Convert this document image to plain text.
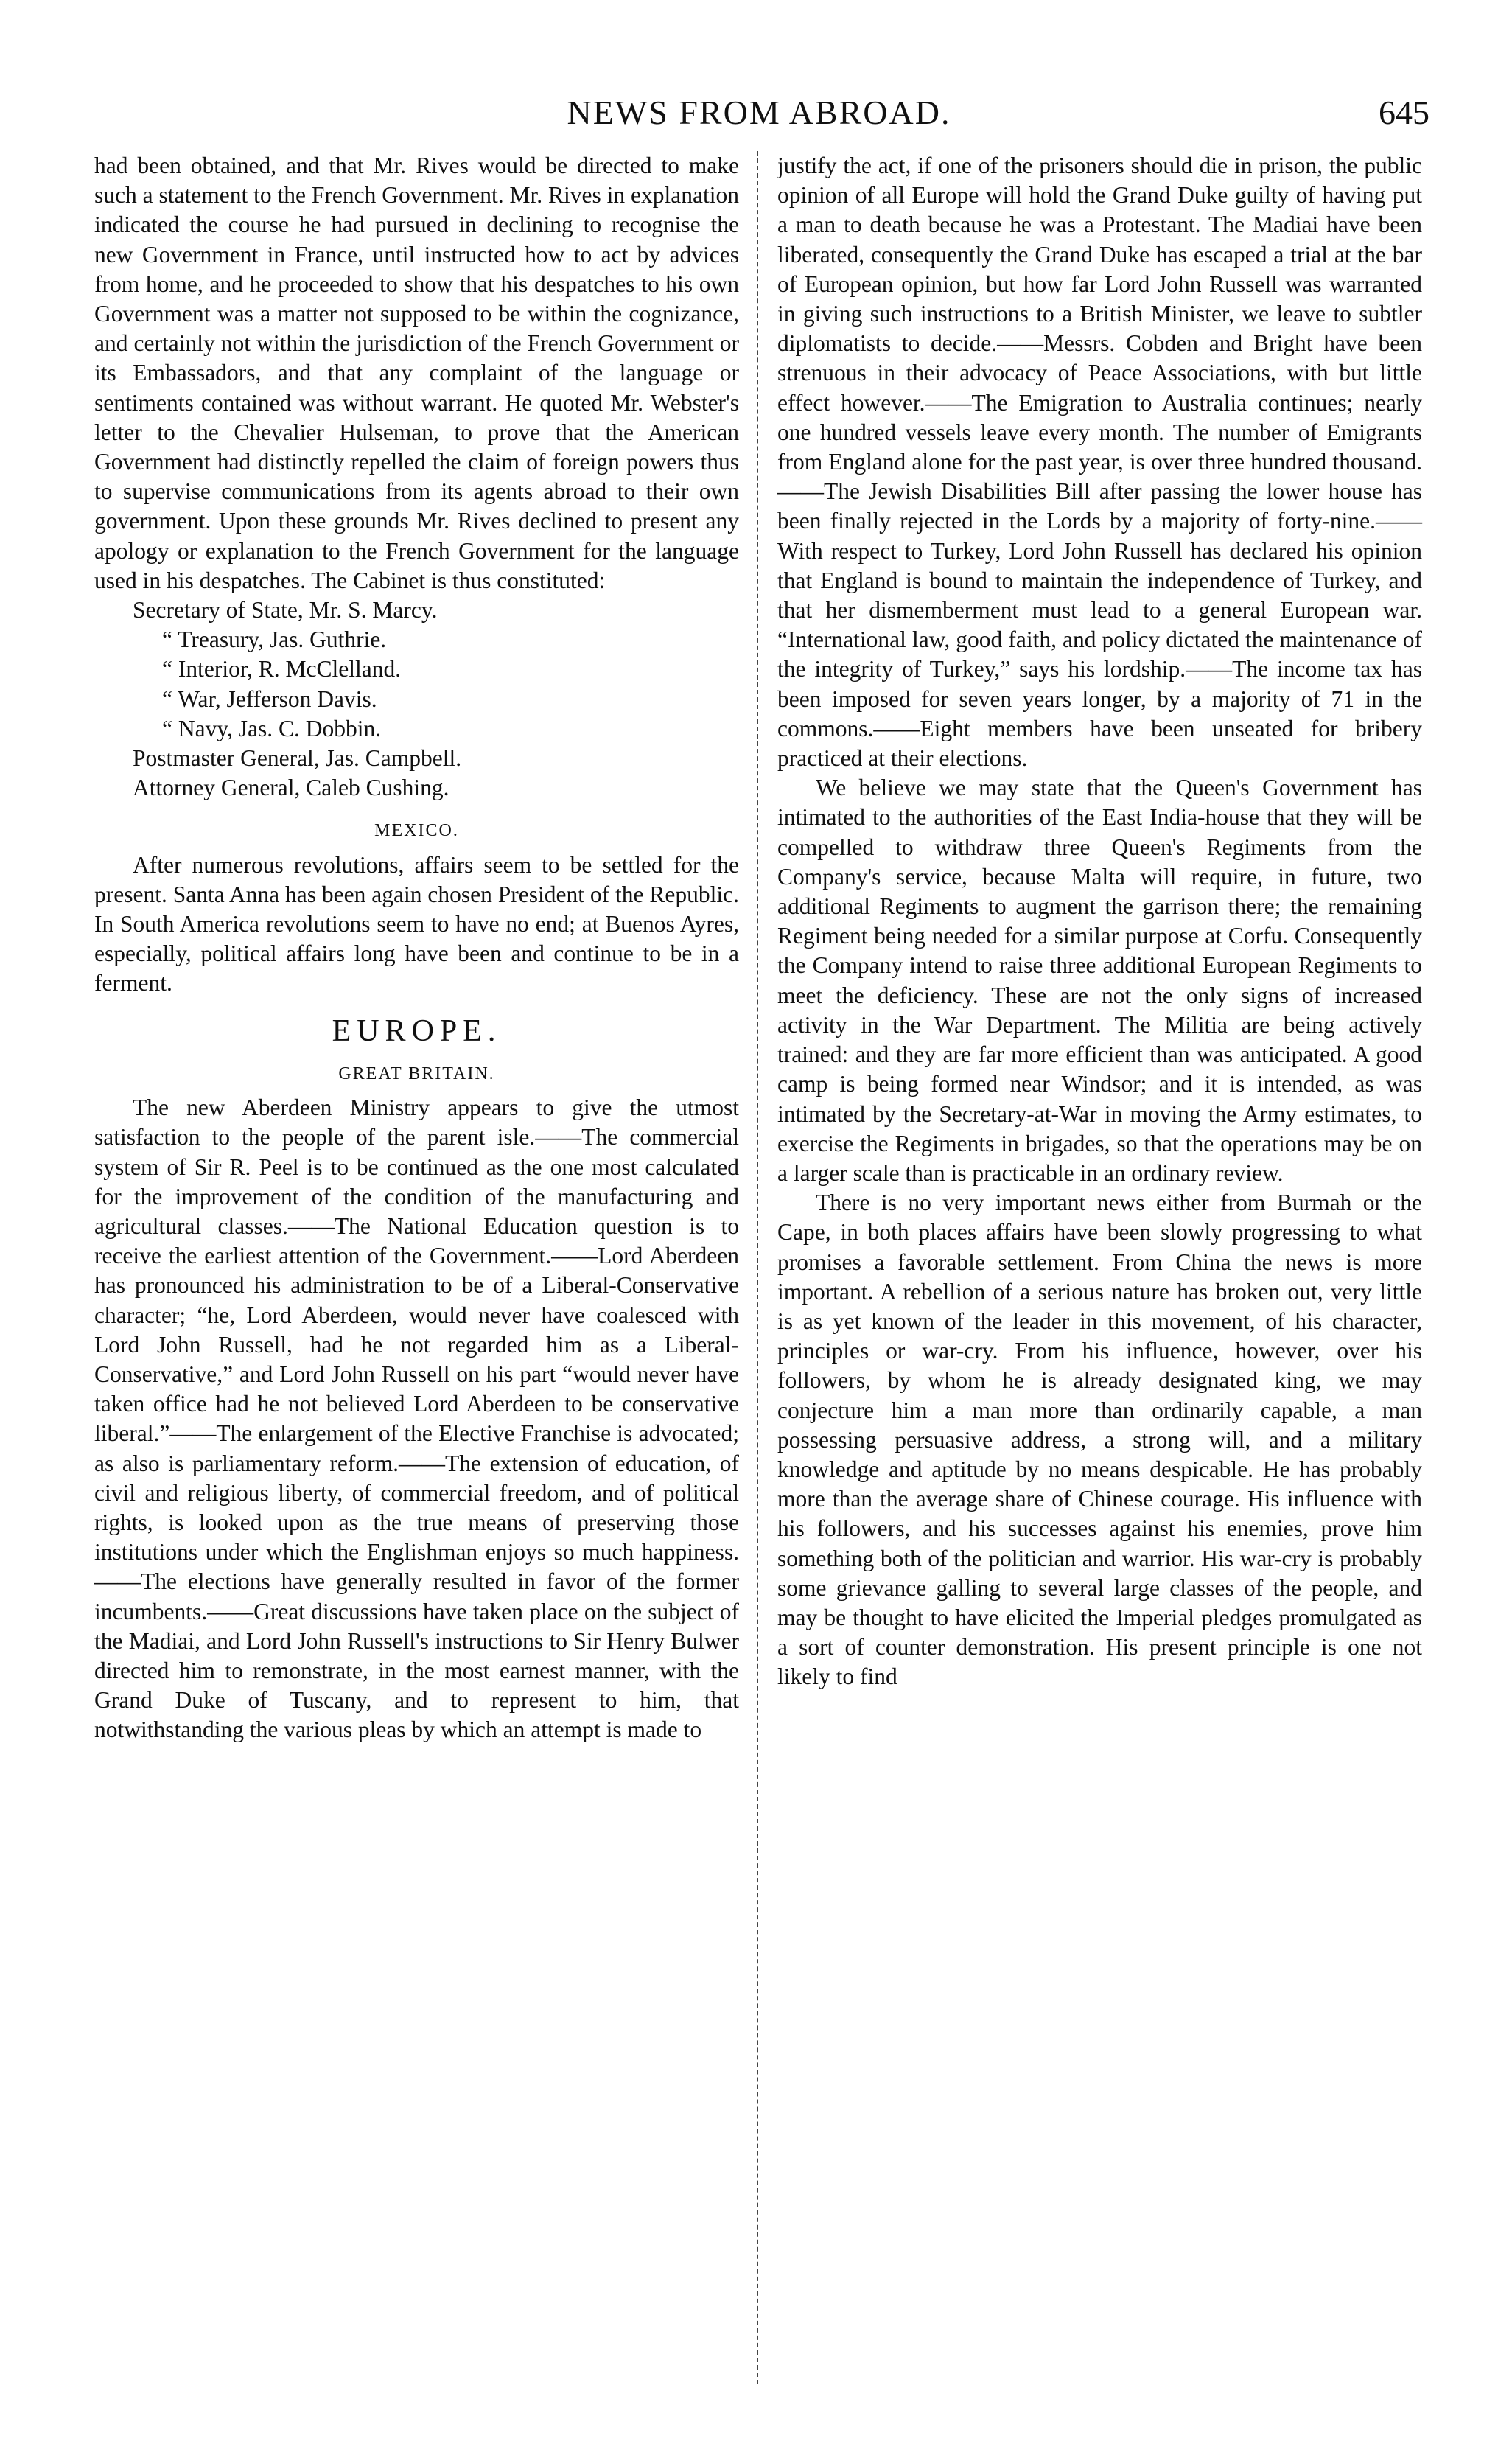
NEWS FROM ABROAD.	645

had been obtained, and that Mr. Rives would be directed to make such a statement to the French Government. Mr. Rives in explanation indicated the course he had pursued in declining to recognise the new Government in France, until instructed how to act by advices from home, and he proceeded to show that his despatches to his own Government was a matter not supposed to be within the cognizance, and certainly not within the jurisdiction of the French Government or its Embassadors, and that any complaint of the language or sentiments contained was without warrant. He quoted Mr. Webster's letter to the Chevalier Hulseman, to prove that the American Government had distinctly repelled the claim of foreign powers thus to supervise communications from its agents abroad to their own government. Upon these grounds Mr. Rives declined to present any apology or explanation to the French Government for the language used in his despatches. The Cabinet is thus constituted:

Secretary of State, Mr. S. Marcy.
“ Treasury, Jas. Guthrie.
“ Interior, R. McClelland.
“ War, Jefferson Davis.
“ Navy, Jas. C. Dobbin.
Postmaster General, Jas. Campbell.
Attorney General, Caleb Cushing.
MEXICO.

After numerous revolutions, affairs seem to be settled for the present. Santa Anna has been again chosen President of the Republic. In South America revolutions seem to have no end; at Buenos Ayres, especially, political affairs long have been and continue to be in a ferment.

EUROPE.
GREAT BRITAIN.

The new Aberdeen Ministry appears to give the utmost satisfaction to the people of the parent isle.——The commercial system of Sir R. Peel is to be continued as the one most calculated for the improvement of the condition of the manufacturing and agricultural classes.——The National Education question is to receive the earliest attention of the Government.——Lord Aberdeen has pronounced his administration to be of a Liberal-Conservative character; “he, Lord Aberdeen, would never have coalesced with Lord John Russell, had he not regarded him as a Liberal-Conservative,” and Lord John Russell on his part “would never have taken office had he not believed Lord Aberdeen to be conservative liberal.”——The enlargement of the Elective Franchise is advocated; as also is parliamentary reform.——The extension of education, of civil and religious liberty, of commercial freedom, and of political rights, is looked upon as the true means of preserving those institutions under which the Englishman enjoys so much happiness.——The elections have generally resulted in favor of the former incumbents.——Great discussions have taken place on the subject of the Madiai, and Lord John Russell's instructions to Sir Henry Bulwer directed him to remonstrate, in the most earnest manner, with the Grand Duke of Tuscany, and to represent to him, that notwithstanding the various pleas by which an attempt is made to

justify the act, if one of the prisoners should die in prison, the public opinion of all Europe will hold the Grand Duke guilty of having put a man to death because he was a Protestant. The Madiai have been liberated, consequently the Grand Duke has escaped a trial at the bar of European opinion, but how far Lord John Russell was warranted in giving such instructions to a British Minister, we leave to subtler diplomatists to decide.——Messrs. Cobden and Bright have been strenuous in their advocacy of Peace Associations, with but little effect however.——The Emigration to Australia continues; nearly one hundred vessels leave every month. The number of Emigrants from England alone for the past year, is over three hundred thousand.——The Jewish Disabilities Bill after passing the lower house has been finally rejected in the Lords by a majority of forty-nine.——With respect to Turkey, Lord John Russell has declared his opinion that England is bound to maintain the independence of Turkey, and that her dismemberment must lead to a general European war. “International law, good faith, and policy dictated the maintenance of the integrity of Turkey,” says his lordship.——The income tax has been imposed for seven years longer, by a majority of 71 in the commons.——Eight members have been unseated for bribery practiced at their elections.

We believe we may state that the Queen's Government has intimated to the authorities of the East India-house that they will be compelled to withdraw three Queen's Regiments from the Company's service, because Malta will require, in future, two additional Regiments to augment the garrison there; the remaining Regiment being needed for a similar purpose at Corfu. Consequently the Company intend to raise three additional European Regiments to meet the deficiency. These are not the only signs of increased activity in the War Department. The Militia are being actively trained: and they are far more efficient than was anticipated. A good camp is being formed near Windsor; and it is intended, as was intimated by the Secretary-at-War in moving the Army estimates, to exercise the Regiments in brigades, so that the operations may be on a larger scale than is practicable in an ordinary review.

There is no very important news either from Burmah or the Cape, in both places affairs have been slowly progressing to what promises a favorable settlement. From China the news is more important. A rebellion of a serious nature has broken out, very little is as yet known of the leader in this movement, of his character, principles or war-cry. From his influence, however, over his followers, by whom he is already designated king, we may conjecture him a man more than ordinarily capable, a man possessing persuasive address, a strong will, and a military knowledge and aptitude by no means despicable. He has probably more than the average share of Chinese courage. His influence with his followers, and his successes against his enemies, prove him something both of the politician and warrior. His war-cry is probably some grievance galling to several large classes of the people, and may be thought to have elicited the Imperial pledges promulgated as a sort of counter demonstration. His present principle is one not likely to find
